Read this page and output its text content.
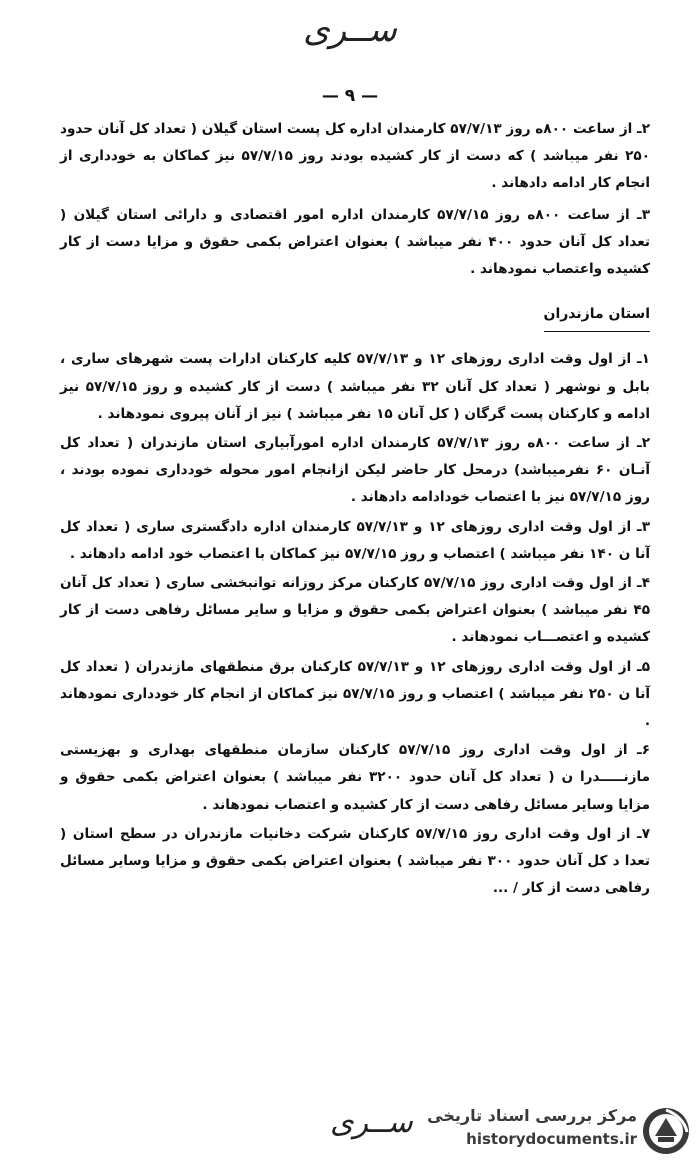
ســری
— ۹ —

۲ـ از ساعت ۸۰۰ه روز ۵۷/۷/۱۳ کارمندان اداره کل پست استان گیلان ( تعداد کل آنان حدود ۲۵۰ نفر میباشد ) که دست از کار کشیده بودند روز ۵۷/۷/۱۵ نیز کماکان به خودداری از انجام کار ادامه دادهاند .

۳ـ از ساعت ۸۰۰ه روز ۵۷/۷/۱۵ کارمندان اداره امور اقتصادی و دارائی استان گیلان ( تعداد کل آنان حدود ۴۰۰ نفر میباشد ) بعنوان اعتراض بکمی حقوق و مزایا دست از کار کشیده واعتصاب نمودهاند .

استان مازندران

۱ـ از اول وقت اداری روزهای ۱۲ و ۵۷/۷/۱۳ کلیه کارکنان ادارات پست شهرهای ساری ، بابل و نوشهر ( تعداد کل آنان ۳۲ نفر میباشد ) دست از کار کشیده و روز ۵۷/۷/۱۵ نیز ادامه و کارکنان پست گرگان ( کل آنان ۱۵ نفر میباشد ) نیز از آنان پیروی نمودهاند .

۲ـ از ساعت ۸۰۰ه روز ۵۷/۷/۱۳ کارمندان اداره امورآبیاری استان مازندران ( تعداد کل آنـان ۶۰ نفرمیباشد) درمحل کار حاضر لیکن ازانجام امور محوله خودداری نموده بودند ، روز ۵۷/۷/۱۵ نیز با اعتصاب خودادامه دادهاند .

۳ـ از اول وقت اداری روزهای ۱۲ و ۵۷/۷/۱۳ کارمندان اداره دادگستری ساری ( تعداد کل آنا ن ۱۴۰ نفر میباشد ) اعتصاب و روز ۵۷/۷/۱۵ نیز کماکان با اعتصاب خود ادامه دادهاند .

۴ـ از اول وقت اداری روز ۵۷/۷/۱۵ کارکنان مرکز روزانه توانبخشی ساری ( تعداد کل آنان ۴۵ نفر میباشد ) بعنوان اعتراض بکمی حقوق و مزایا و سایر مسائل رفاهی دست از کار کشیده و اعتصـــاب نمودهاند .

۵ـ از اول وقت اداری روزهای ۱۲ و ۵۷/۷/۱۳ کارکنان برق منطقهای مازندران ( تعداد کل آنا ن ۲۵۰ نفر میباشد ) اعتصاب و روز ۵۷/۷/۱۵ نیز کماکان از انجام کار خودداری نمودهاند .

۶ـ از اول وقت اداری روز ۵۷/۷/۱۵ کارکنان سازمان منطقهای بهداری و بهزیستی مازنـــــدرا ن ( تعداد کل آنان حدود ۳۲۰۰ نفر میباشد ) بعنوان اعتراض بکمی حقوق و مزایا وسایر مسائل رفاهی دست از کار کشیده و اعتصاب نمودهاند .

۷ـ از اول وقت اداری روز ۵۷/۷/۱۵ کارکنان شرکت دخانیات مازندران در سطح استان ( تعدا د کل آنان حدود ۳۰۰ نفر میباشد ) بعنوان اعتراض بکمی حقوق و مزایا وسایر مسائل رفاهی دست از کار / ...

ســری مرکز بررسی اسناد تاریخی
historydocuments.ir
